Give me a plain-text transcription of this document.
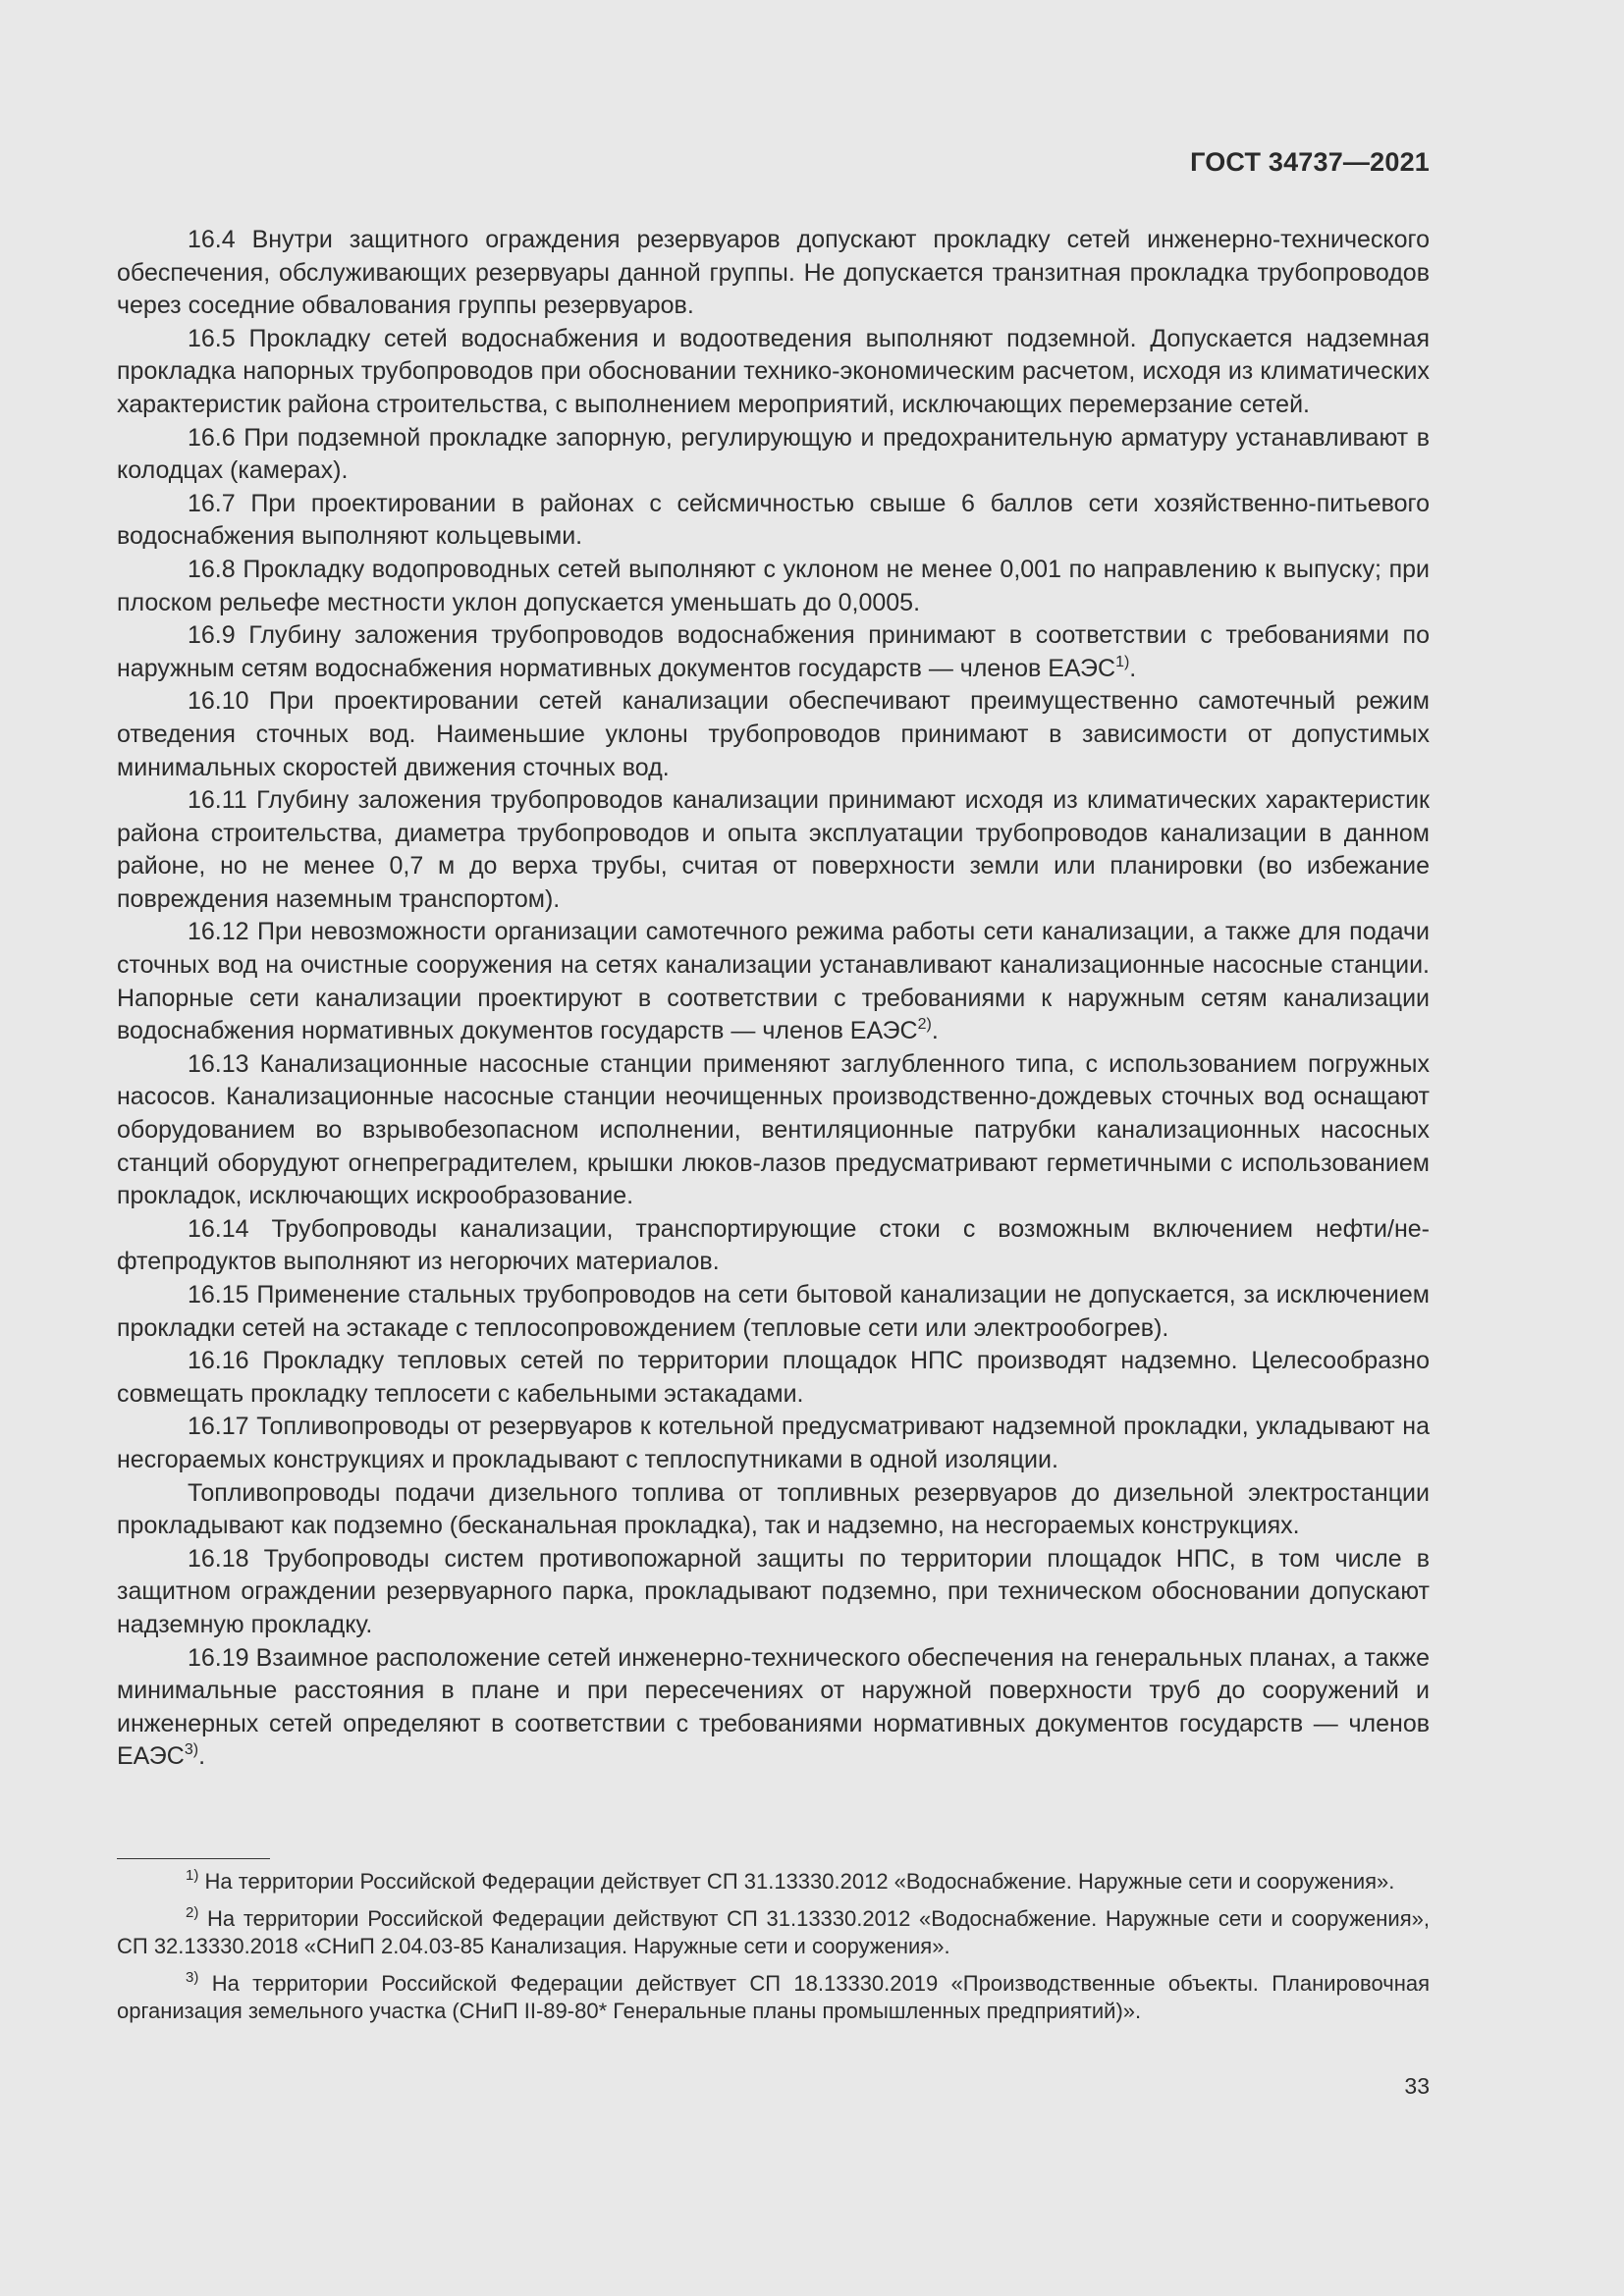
ГОСТ 34737—2021

16.4 Внутри защитного ограждения резервуаров допускают прокладку сетей инженерно-технического обеспечения, обслуживающих резервуары данной группы. Не допускается транзитная прокладка трубопроводов через соседние обвалования группы резервуаров.

16.5 Прокладку сетей водоснабжения и водоотведения выполняют подземной. Допускается надземная прокладка напорных трубопроводов при обосновании технико-экономическим расчетом, исходя из климатических характеристик района строительства, с выполнением мероприятий, исключающих перемерзание сетей.

16.6 При подземной прокладке запорную, регулирующую и предохранительную арматуру устанавливают в колодцах (камерах).

16.7 При проектировании в районах с сейсмичностью свыше 6 баллов сети хозяйственно-питьевого водоснабжения выполняют кольцевыми.

16.8 Прокладку водопроводных сетей выполняют с уклоном не менее 0,001 по направлению к выпуску; при плоском рельефе местности уклон допускается уменьшать до 0,0005.

16.9 Глубину заложения трубопроводов водоснабжения принимают в соответствии с требованиями по наружным сетям водоснабжения нормативных документов государств — членов ЕАЭС$^{1)}$.

16.10 При проектировании сетей канализации обеспечивают преимущественно самотечный режим отведения сточных вод. Наименьшие уклоны трубопроводов принимают в зависимости от допустимых минимальных скоростей движения сточных вод.

16.11 Глубину заложения трубопроводов канализации принимают исходя из климатических характеристик района строительства, диаметра трубопроводов и опыта эксплуатации трубопроводов канализации в данном районе, но не менее 0,7 м до верха трубы, считая от поверхности земли или планировки (во избежание повреждения наземным транспортом).

16.12 При невозможности организации самотечного режима работы сети канализации, а также для подачи сточных вод на очистные сооружения на сетях канализации устанавливают канализационные насосные станции. Напорные сети канализации проектируют в соответствии с требованиями к наружным сетям канализации водоснабжения нормативных документов государств — членов ЕАЭС$^{2)}$.

16.13 Канализационные насосные станции применяют заглубленного типа, с использованием погружных насосов. Канализационные насосные станции неочищенных производственно-дождевых сточных вод оснащают оборудованием во взрывобезопасном исполнении, вентиляционные патрубки канализационных насосных станций оборудуют огнепреградителем, крышки люков-лазов предусматривают герметичными с использованием прокладок, исключающих искрообразование.

16.14 Трубопроводы канализации, транспортирующие стоки с возможным включением нефти/нефтепродуктов выполняют из негорючих материалов.

16.15 Применение стальных трубопроводов на сети бытовой канализации не допускается, за исключением прокладки сетей на эстакаде с теплосопровождением (тепловые сети или электрообогрев).

16.16 Прокладку тепловых сетей по территории площадок НПС производят надземно. Целесообразно совмещать прокладку теплосети с кабельными эстакадами.

16.17 Топливопроводы от резервуаров к котельной предусматривают надземной прокладки, укладывают на несгораемых конструкциях и прокладывают с теплоспутниками в одной изоляции.

Топливопроводы подачи дизельного топлива от топливных резервуаров до дизельной электростанции прокладывают как подземно (бесканальная прокладка), так и надземно, на несгораемых конструкциях.

16.18 Трубопроводы систем противопожарной защиты по территории площадок НПС, в том числе в защитном ограждении резервуарного парка, прокладывают подземно, при техническом обосновании допускают надземную прокладку.

16.19 Взаимное расположение сетей инженерно-технического обеспечения на генеральных планах, а также минимальные расстояния в плане и при пересечениях от наружной поверхности труб до сооружений и инженерных сетей определяют в соответствии с требованиями нормативных документов государств — членов ЕАЭС$^{3)}$.

$^{1)}$ На территории Российской Федерации действует СП 31.13330.2012 «Водоснабжение. Наружные сети и сооружения».

$^{2)}$ На территории Российской Федерации действуют СП 31.13330.2012 «Водоснабжение. Наружные сети и сооружения», СП 32.13330.2018 «СНиП 2.04.03-85 Канализация. Наружные сети и сооружения».

$^{3)}$ На территории Российской Федерации действует СП 18.13330.2019 «Производственные объекты. Планировочная организация земельного участка (СНиП II-89-80* Генеральные планы промышленных предприятий)».

33
